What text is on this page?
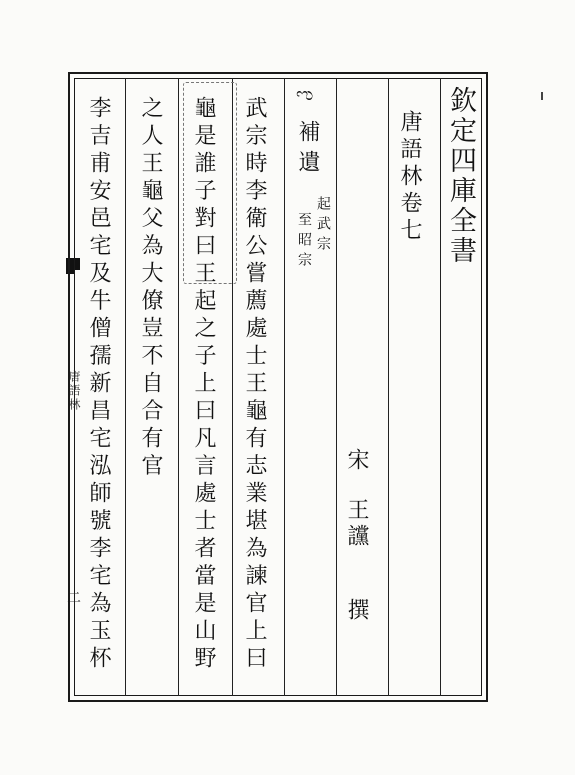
唐語林
二
ಌ	欽定四庫全書
唐語林卷七
宋
王讜
撰
補遺
起武宗
至昭宗
武宗時李衛公嘗薦處士王龜有志業堪為諫官上曰
龜是誰子對曰王起之子上曰凡言處士者當是山野
之人王龜父為大僚豈不自合有官
李吉甫安邑宅及牛僧孺新昌宅泓師號李宅為玉杯
